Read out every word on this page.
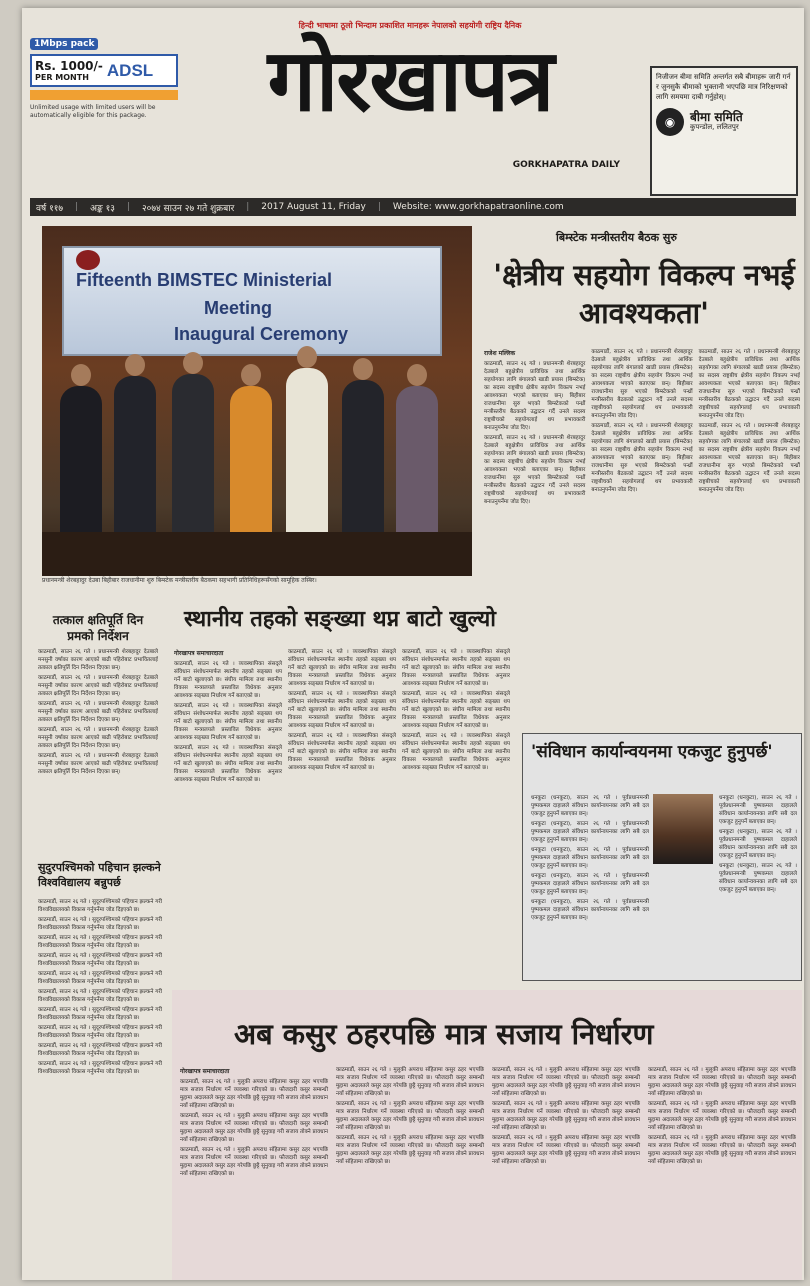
1Mbps pack
Rs. 1000/-
PER MONTH	ADSL
Unlimited usage with limited users will be automatically eligible for this package.
हिन्दी भाषामा ठूलो भिन्दाम प्रकाशित मानहरू नेपालको सहयोगी राष्ट्रिय दैनिक
गोरखापत्र
GORKHAPATRA DAILY
निजीजन बीमा समिति अन्तर्गत सबै बीमाहरू जारी गर्न र जुनसुकै बीमाको भुक्तानी भएपछि मात्र निरिक्षणको लागि समयमा दाबी गर्नुहोस्।
◉	बीमा समिति
कुपन्डोल, ललितपुर
वर्ष ११७ | अङ्क १३ | २०७४ साउन २७ गते शुक्रबार | 2017 August 11, Friday | Website: www.gorkhapatraonline.com
Fifteenth BIMSTEC Ministerial
Meeting
Inaugural Ceremony
प्रधानमन्त्री शेरबहादुर देउबा बिहीबार राजधानीमा शुरु बिम्स्टेक मन्त्रीस्तरीय बैठकमा सहभागी प्रतिनिधिहरूसँगको सामूहिक तस्बिर।
बिम्स्टेक मन्त्रीस्तरीय बैठक सुरु
'क्षेत्रीय सहयोग विकल्प नभई आवश्यकता'
राजेश मल्लिक

काठमाडौं, साउन २६ गते । प्रधानमन्त्री शेरबहादुर देउबाले बहुक्षेत्रीय प्राविधिक तथा आर्थिक सहयोगका लागि बंगालको खाडी प्रयास (बिम्स्टेक) का सदस्य राष्ट्रबीच क्षेत्रीय सहयोग विकल्प नभई आवश्यकता भएको बताएका छन्। बिहीबार राजधानीमा सुरु भएको बिम्स्टेकको पन्ध्रौं मन्त्रीस्तरीय बैठकको उद्घाटन गर्दै उनले सदस्य राष्ट्रबीचको सहयोगलाई थप प्रभावकारी बनाउनुपर्नेमा जोड दिए।

काठमाडौं, साउन २६ गते । प्रधानमन्त्री शेरबहादुर देउबाले बहुक्षेत्रीय प्राविधिक तथा आर्थिक सहयोगका लागि बंगालको खाडी प्रयास (बिम्स्टेक) का सदस्य राष्ट्रबीच क्षेत्रीय सहयोग विकल्प नभई आवश्यकता भएको बताएका छन्। बिहीबार राजधानीमा सुरु भएको बिम्स्टेकको पन्ध्रौं मन्त्रीस्तरीय बैठकको उद्घाटन गर्दै उनले सदस्य राष्ट्रबीचको सहयोगलाई थप प्रभावकारी बनाउनुपर्नेमा जोड दिए।

काठमाडौं, साउन २६ गते । प्रधानमन्त्री शेरबहादुर देउबाले बहुक्षेत्रीय प्राविधिक तथा आर्थिक सहयोगका लागि बंगालको खाडी प्रयास (बिम्स्टेक) का सदस्य राष्ट्रबीच क्षेत्रीय सहयोग विकल्प नभई आवश्यकता भएको बताएका छन्। बिहीबार राजधानीमा सुरु भएको बिम्स्टेकको पन्ध्रौं मन्त्रीस्तरीय बैठकको उद्घाटन गर्दै उनले सदस्य राष्ट्रबीचको सहयोगलाई थप प्रभावकारी बनाउनुपर्नेमा जोड दिए।

काठमाडौं, साउन २६ गते । प्रधानमन्त्री शेरबहादुर देउबाले बहुक्षेत्रीय प्राविधिक तथा आर्थिक सहयोगका लागि बंगालको खाडी प्रयास (बिम्स्टेक) का सदस्य राष्ट्रबीच क्षेत्रीय सहयोग विकल्प नभई आवश्यकता भएको बताएका छन्। बिहीबार राजधानीमा सुरु भएको बिम्स्टेकको पन्ध्रौं मन्त्रीस्तरीय बैठकको उद्घाटन गर्दै उनले सदस्य राष्ट्रबीचको सहयोगलाई थप प्रभावकारी बनाउनुपर्नेमा जोड दिए।

काठमाडौं, साउन २६ गते । प्रधानमन्त्री शेरबहादुर देउबाले बहुक्षेत्रीय प्राविधिक तथा आर्थिक सहयोगका लागि बंगालको खाडी प्रयास (बिम्स्टेक) का सदस्य राष्ट्रबीच क्षेत्रीय सहयोग विकल्प नभई आवश्यकता भएको बताएका छन्। बिहीबार राजधानीमा सुरु भएको बिम्स्टेकको पन्ध्रौं मन्त्रीस्तरीय बैठकको उद्घाटन गर्दै उनले सदस्य राष्ट्रबीचको सहयोगलाई थप प्रभावकारी बनाउनुपर्नेमा जोड दिए।

काठमाडौं, साउन २६ गते । प्रधानमन्त्री शेरबहादुर देउबाले बहुक्षेत्रीय प्राविधिक तथा आर्थिक सहयोगका लागि बंगालको खाडी प्रयास (बिम्स्टेक) का सदस्य राष्ट्रबीच क्षेत्रीय सहयोग विकल्प नभई आवश्यकता भएको बताएका छन्। बिहीबार राजधानीमा सुरु भएको बिम्स्टेकको पन्ध्रौं मन्त्रीस्तरीय बैठकको उद्घाटन गर्दै उनले सदस्य राष्ट्रबीचको सहयोगलाई थप प्रभावकारी बनाउनुपर्नेमा जोड दिए।

तत्काल क्षतिपूर्ति दिन प्रमको निर्देशन

काठमाडौं, साउन २६ गते । प्रधानमन्त्री शेरबहादुर देउबाले मनसुनी वर्षाका कारण आएको बाढी पहिरोबाट प्रभावितलाई तत्काल क्षतिपूर्ति दिन निर्देशन दिएका छन्।

काठमाडौं, साउन २६ गते । प्रधानमन्त्री शेरबहादुर देउबाले मनसुनी वर्षाका कारण आएको बाढी पहिरोबाट प्रभावितलाई तत्काल क्षतिपूर्ति दिन निर्देशन दिएका छन्।

काठमाडौं, साउन २६ गते । प्रधानमन्त्री शेरबहादुर देउबाले मनसुनी वर्षाका कारण आएको बाढी पहिरोबाट प्रभावितलाई तत्काल क्षतिपूर्ति दिन निर्देशन दिएका छन्।

काठमाडौं, साउन २६ गते । प्रधानमन्त्री शेरबहादुर देउबाले मनसुनी वर्षाका कारण आएको बाढी पहिरोबाट प्रभावितलाई तत्काल क्षतिपूर्ति दिन निर्देशन दिएका छन्।

काठमाडौं, साउन २६ गते । प्रधानमन्त्री शेरबहादुर देउबाले मनसुनी वर्षाका कारण आएको बाढी पहिरोबाट प्रभावितलाई तत्काल क्षतिपूर्ति दिन निर्देशन दिएका छन्।

सुदुरपश्चिमको पहिचान झल्कने विश्वविद्यालय बन्नुपर्छ

काठमाडौं, साउन २६ गते । सुदूरपश्चिमको पहिचान झल्कने गरी विश्वविद्यालयको विकास गर्नुपर्नेमा जोड दिइएको छ।

काठमाडौं, साउन २६ गते । सुदूरपश्चिमको पहिचान झल्कने गरी विश्वविद्यालयको विकास गर्नुपर्नेमा जोड दिइएको छ।

काठमाडौं, साउन २६ गते । सुदूरपश्चिमको पहिचान झल्कने गरी विश्वविद्यालयको विकास गर्नुपर्नेमा जोड दिइएको छ।

काठमाडौं, साउन २६ गते । सुदूरपश्चिमको पहिचान झल्कने गरी विश्वविद्यालयको विकास गर्नुपर्नेमा जोड दिइएको छ।

काठमाडौं, साउन २६ गते । सुदूरपश्चिमको पहिचान झल्कने गरी विश्वविद्यालयको विकास गर्नुपर्नेमा जोड दिइएको छ।

काठमाडौं, साउन २६ गते । सुदूरपश्चिमको पहिचान झल्कने गरी विश्वविद्यालयको विकास गर्नुपर्नेमा जोड दिइएको छ।

काठमाडौं, साउन २६ गते । सुदूरपश्चिमको पहिचान झल्कने गरी विश्वविद्यालयको विकास गर्नुपर्नेमा जोड दिइएको छ।

काठमाडौं, साउन २६ गते । सुदूरपश्चिमको पहिचान झल्कने गरी विश्वविद्यालयको विकास गर्नुपर्नेमा जोड दिइएको छ।

काठमाडौं, साउन २६ गते । सुदूरपश्चिमको पहिचान झल्कने गरी विश्वविद्यालयको विकास गर्नुपर्नेमा जोड दिइएको छ।

काठमाडौं, साउन २६ गते । सुदूरपश्चिमको पहिचान झल्कने गरी विश्वविद्यालयको विकास गर्नुपर्नेमा जोड दिइएको छ।

स्थानीय तहको सङ्ख्या थप्न बाटो खुल्यो
गोरखापत्र समाचारदाता

काठमाडौं, साउन २६ गते । व्यवस्थापिका संसद्ले संविधान संशोधनमार्फत स्थानीय तहको सङ्ख्या थप गर्ने बाटो खुलाएको छ। संघीय मामिला तथा स्थानीय विकास मन्त्रालयले प्रस्तावित विधेयक अनुसार आवश्यक सङ्ख्या निर्धारण गर्ने बताएको छ।

काठमाडौं, साउन २६ गते । व्यवस्थापिका संसद्ले संविधान संशोधनमार्फत स्थानीय तहको सङ्ख्या थप गर्ने बाटो खुलाएको छ। संघीय मामिला तथा स्थानीय विकास मन्त्रालयले प्रस्तावित विधेयक अनुसार आवश्यक सङ्ख्या निर्धारण गर्ने बताएको छ।

काठमाडौं, साउन २६ गते । व्यवस्थापिका संसद्ले संविधान संशोधनमार्फत स्थानीय तहको सङ्ख्या थप गर्ने बाटो खुलाएको छ। संघीय मामिला तथा स्थानीय विकास मन्त्रालयले प्रस्तावित विधेयक अनुसार आवश्यक सङ्ख्या निर्धारण गर्ने बताएको छ।

काठमाडौं, साउन २६ गते । व्यवस्थापिका संसद्ले संविधान संशोधनमार्फत स्थानीय तहको सङ्ख्या थप गर्ने बाटो खुलाएको छ। संघीय मामिला तथा स्थानीय विकास मन्त्रालयले प्रस्तावित विधेयक अनुसार आवश्यक सङ्ख्या निर्धारण गर्ने बताएको छ।

काठमाडौं, साउन २६ गते । व्यवस्थापिका संसद्ले संविधान संशोधनमार्फत स्थानीय तहको सङ्ख्या थप गर्ने बाटो खुलाएको छ। संघीय मामिला तथा स्थानीय विकास मन्त्रालयले प्रस्तावित विधेयक अनुसार आवश्यक सङ्ख्या निर्धारण गर्ने बताएको छ।

काठमाडौं, साउन २६ गते । व्यवस्थापिका संसद्ले संविधान संशोधनमार्फत स्थानीय तहको सङ्ख्या थप गर्ने बाटो खुलाएको छ। संघीय मामिला तथा स्थानीय विकास मन्त्रालयले प्रस्तावित विधेयक अनुसार आवश्यक सङ्ख्या निर्धारण गर्ने बताएको छ।

काठमाडौं, साउन २६ गते । व्यवस्थापिका संसद्ले संविधान संशोधनमार्फत स्थानीय तहको सङ्ख्या थप गर्ने बाटो खुलाएको छ। संघीय मामिला तथा स्थानीय विकास मन्त्रालयले प्रस्तावित विधेयक अनुसार आवश्यक सङ्ख्या निर्धारण गर्ने बताएको छ।

काठमाडौं, साउन २६ गते । व्यवस्थापिका संसद्ले संविधान संशोधनमार्फत स्थानीय तहको सङ्ख्या थप गर्ने बाटो खुलाएको छ। संघीय मामिला तथा स्थानीय विकास मन्त्रालयले प्रस्तावित विधेयक अनुसार आवश्यक सङ्ख्या निर्धारण गर्ने बताएको छ।

काठमाडौं, साउन २६ गते । व्यवस्थापिका संसद्ले संविधान संशोधनमार्फत स्थानीय तहको सङ्ख्या थप गर्ने बाटो खुलाएको छ। संघीय मामिला तथा स्थानीय विकास मन्त्रालयले प्रस्तावित विधेयक अनुसार आवश्यक सङ्ख्या निर्धारण गर्ने बताएको छ।

'संविधान कार्यान्वयनमा एकजुट हुनुपर्छ'

धनकुटा (धनकुटा), साउन २६ गते । पूर्वप्रधानमन्त्री पुष्पकमल दाहालले संविधान कार्यान्वयनका लागि सबै दल एकजुट हुनुपर्ने बताएका छन्।

धनकुटा (धनकुटा), साउन २६ गते । पूर्वप्रधानमन्त्री पुष्पकमल दाहालले संविधान कार्यान्वयनका लागि सबै दल एकजुट हुनुपर्ने बताएका छन्।

धनकुटा (धनकुटा), साउन २६ गते । पूर्वप्रधानमन्त्री पुष्पकमल दाहालले संविधान कार्यान्वयनका लागि सबै दल एकजुट हुनुपर्ने बताएका छन्।

धनकुटा (धनकुटा), साउन २६ गते । पूर्वप्रधानमन्त्री पुष्पकमल दाहालले संविधान कार्यान्वयनका लागि सबै दल एकजुट हुनुपर्ने बताएका छन्।

धनकुटा (धनकुटा), साउन २६ गते । पूर्वप्रधानमन्त्री पुष्पकमल दाहालले संविधान कार्यान्वयनका लागि सबै दल एकजुट हुनुपर्ने बताएका छन्।

धनकुटा (धनकुटा), साउन २६ गते । पूर्वप्रधानमन्त्री पुष्पकमल दाहालले संविधान कार्यान्वयनका लागि सबै दल एकजुट हुनुपर्ने बताएका छन्।

धनकुटा (धनकुटा), साउन २६ गते । पूर्वप्रधानमन्त्री पुष्पकमल दाहालले संविधान कार्यान्वयनका लागि सबै दल एकजुट हुनुपर्ने बताएका छन्।

धनकुटा (धनकुटा), साउन २६ गते । पूर्वप्रधानमन्त्री पुष्पकमल दाहालले संविधान कार्यान्वयनका लागि सबै दल एकजुट हुनुपर्ने बताएका छन्।

अब कसुर ठहरपछि मात्र सजाय निर्धारण
गोरखापत्र समाचारदाता

काठमाडौं, साउन २६ गते । मुलुकी अपराध संहितामा कसुर ठहर भएपछि मात्र सजाय निर्धारण गर्ने व्यवस्था गरिएको छ। फौजदारी कसुर सम्बन्धी मुद्दामा अदालतले कसुर ठहर गरेपछि छुट्टै सुनुवाइ गरी सजाय तोक्ने प्रावधान नयाँ संहितामा राखिएको छ।

काठमाडौं, साउन २६ गते । मुलुकी अपराध संहितामा कसुर ठहर भएपछि मात्र सजाय निर्धारण गर्ने व्यवस्था गरिएको छ। फौजदारी कसुर सम्बन्धी मुद्दामा अदालतले कसुर ठहर गरेपछि छुट्टै सुनुवाइ गरी सजाय तोक्ने प्रावधान नयाँ संहितामा राखिएको छ।

काठमाडौं, साउन २६ गते । मुलुकी अपराध संहितामा कसुर ठहर भएपछि मात्र सजाय निर्धारण गर्ने व्यवस्था गरिएको छ। फौजदारी कसुर सम्बन्धी मुद्दामा अदालतले कसुर ठहर गरेपछि छुट्टै सुनुवाइ गरी सजाय तोक्ने प्रावधान नयाँ संहितामा राखिएको छ।

काठमाडौं, साउन २६ गते । मुलुकी अपराध संहितामा कसुर ठहर भएपछि मात्र सजाय निर्धारण गर्ने व्यवस्था गरिएको छ। फौजदारी कसुर सम्बन्धी मुद्दामा अदालतले कसुर ठहर गरेपछि छुट्टै सुनुवाइ गरी सजाय तोक्ने प्रावधान नयाँ संहितामा राखिएको छ।

काठमाडौं, साउन २६ गते । मुलुकी अपराध संहितामा कसुर ठहर भएपछि मात्र सजाय निर्धारण गर्ने व्यवस्था गरिएको छ। फौजदारी कसुर सम्बन्धी मुद्दामा अदालतले कसुर ठहर गरेपछि छुट्टै सुनुवाइ गरी सजाय तोक्ने प्रावधान नयाँ संहितामा राखिएको छ।

काठमाडौं, साउन २६ गते । मुलुकी अपराध संहितामा कसुर ठहर भएपछि मात्र सजाय निर्धारण गर्ने व्यवस्था गरिएको छ। फौजदारी कसुर सम्बन्धी मुद्दामा अदालतले कसुर ठहर गरेपछि छुट्टै सुनुवाइ गरी सजाय तोक्ने प्रावधान नयाँ संहितामा राखिएको छ।

काठमाडौं, साउन २६ गते । मुलुकी अपराध संहितामा कसुर ठहर भएपछि मात्र सजाय निर्धारण गर्ने व्यवस्था गरिएको छ। फौजदारी कसुर सम्बन्धी मुद्दामा अदालतले कसुर ठहर गरेपछि छुट्टै सुनुवाइ गरी सजाय तोक्ने प्रावधान नयाँ संहितामा राखिएको छ।

काठमाडौं, साउन २६ गते । मुलुकी अपराध संहितामा कसुर ठहर भएपछि मात्र सजाय निर्धारण गर्ने व्यवस्था गरिएको छ। फौजदारी कसुर सम्बन्धी मुद्दामा अदालतले कसुर ठहर गरेपछि छुट्टै सुनुवाइ गरी सजाय तोक्ने प्रावधान नयाँ संहितामा राखिएको छ।

काठमाडौं, साउन २६ गते । मुलुकी अपराध संहितामा कसुर ठहर भएपछि मात्र सजाय निर्धारण गर्ने व्यवस्था गरिएको छ। फौजदारी कसुर सम्बन्धी मुद्दामा अदालतले कसुर ठहर गरेपछि छुट्टै सुनुवाइ गरी सजाय तोक्ने प्रावधान नयाँ संहितामा राखिएको छ।

काठमाडौं, साउन २६ गते । मुलुकी अपराध संहितामा कसुर ठहर भएपछि मात्र सजाय निर्धारण गर्ने व्यवस्था गरिएको छ। फौजदारी कसुर सम्बन्धी मुद्दामा अदालतले कसुर ठहर गरेपछि छुट्टै सुनुवाइ गरी सजाय तोक्ने प्रावधान नयाँ संहितामा राखिएको छ।

काठमाडौं, साउन २६ गते । मुलुकी अपराध संहितामा कसुर ठहर भएपछि मात्र सजाय निर्धारण गर्ने व्यवस्था गरिएको छ। फौजदारी कसुर सम्बन्धी मुद्दामा अदालतले कसुर ठहर गरेपछि छुट्टै सुनुवाइ गरी सजाय तोक्ने प्रावधान नयाँ संहितामा राखिएको छ।

काठमाडौं, साउन २६ गते । मुलुकी अपराध संहितामा कसुर ठहर भएपछि मात्र सजाय निर्धारण गर्ने व्यवस्था गरिएको छ। फौजदारी कसुर सम्बन्धी मुद्दामा अदालतले कसुर ठहर गरेपछि छुट्टै सुनुवाइ गरी सजाय तोक्ने प्रावधान नयाँ संहितामा राखिएको छ।
